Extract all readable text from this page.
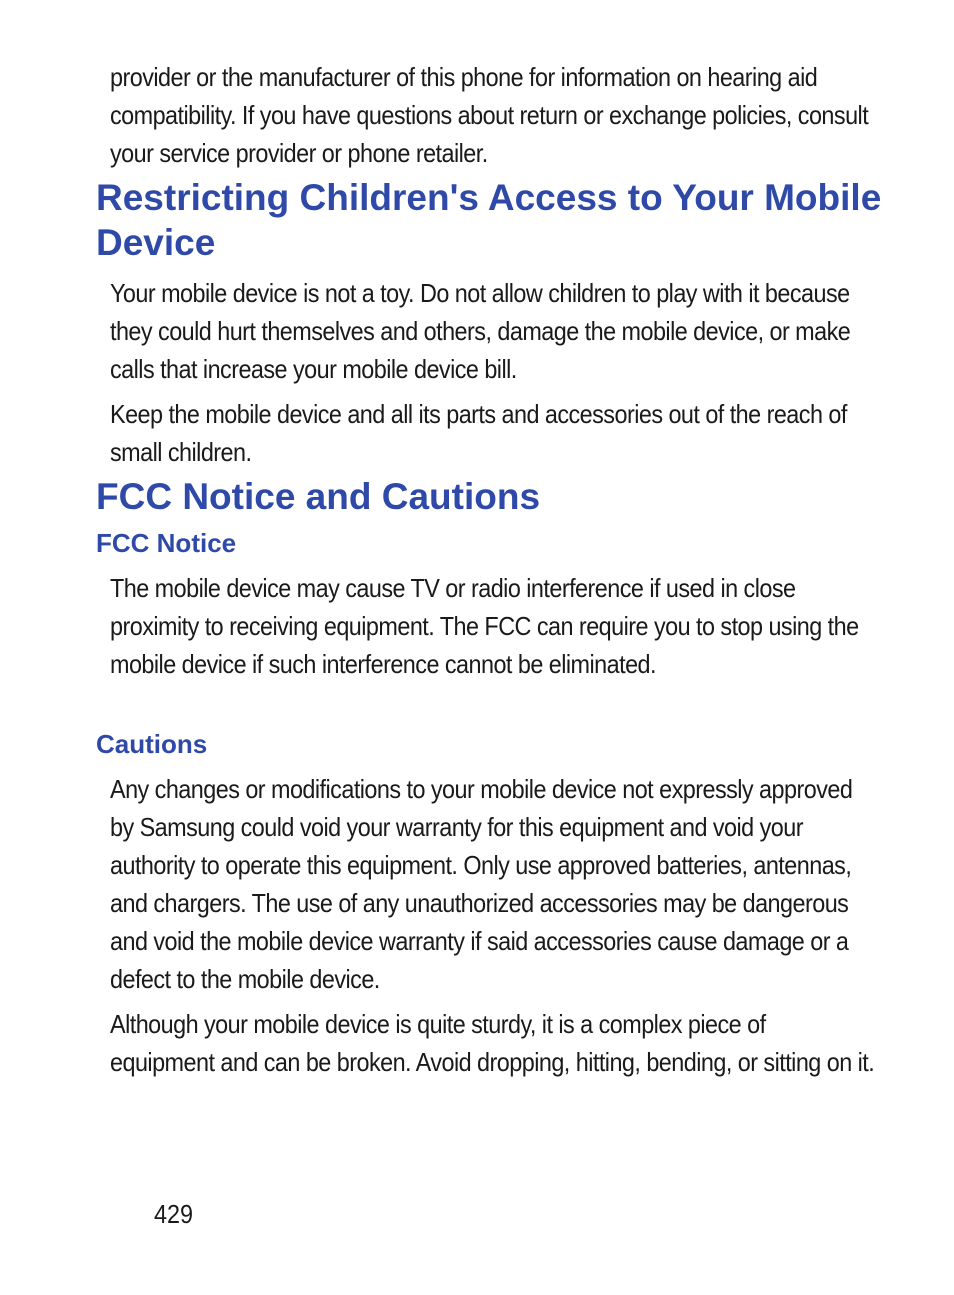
provider or the manufacturer of this phone for information on hearing aid compatibility. If you have questions about return or exchange policies, consult your service provider or phone retailer.

Restricting Children's Access to Your Mobile Device

Your mobile device is not a toy. Do not allow children to play with it because they could hurt themselves and others, damage the mobile device, or make calls that increase your mobile device bill.

Keep the mobile device and all its parts and accessories out of the reach of small children.

FCC Notice and Cautions
FCC Notice

The mobile device may cause TV or radio interference if used in close proximity to receiving equipment. The FCC can require you to stop using the mobile device if such interference cannot be eliminated.

Cautions

Any changes or modifications to your mobile device not expressly approved by Samsung could void your warranty for this equipment and void your authority to operate this equipment. Only use approved batteries, antennas, and chargers. The use of any unauthorized accessories may be dangerous and void the mobile device warranty if said accessories cause damage or a defect to the mobile device.

Although your mobile device is quite sturdy, it is a complex piece of equipment and can be broken. Avoid dropping, hitting, bending, or sitting on it.

429
